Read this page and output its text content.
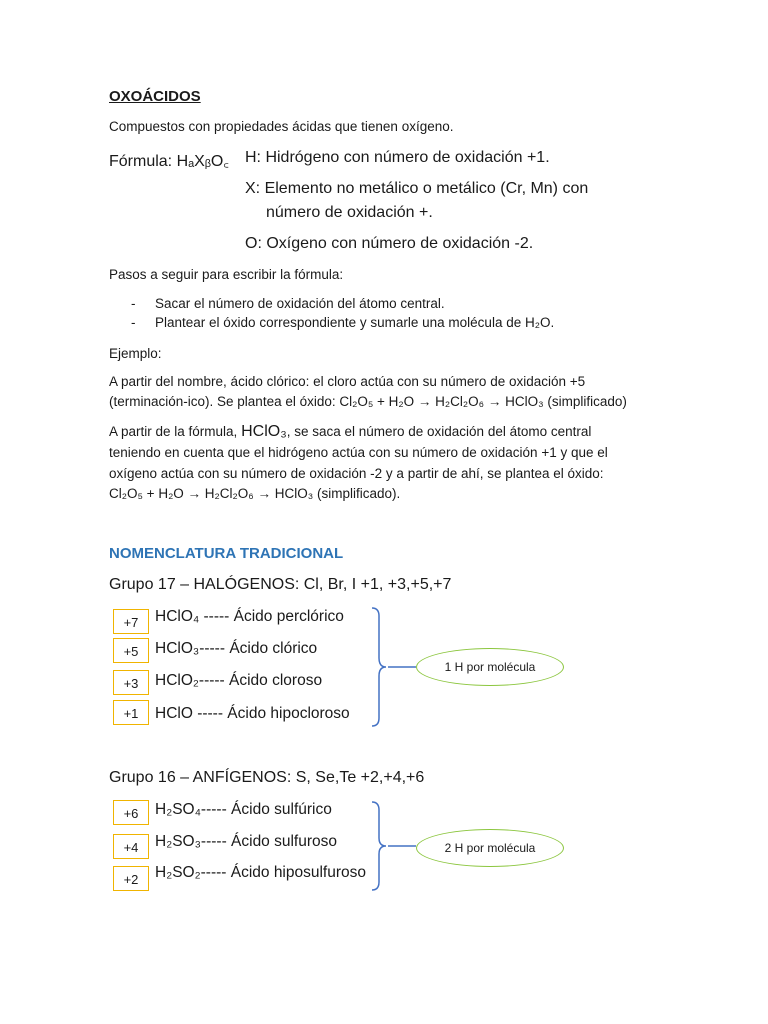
OXOÁCIDOS
Compuestos con propiedades ácidas que tienen oxígeno.
Fórmula: HₐXᵦO꜀ H: Hidrógeno con número de oxidación +1.
X: Elemento no metálico o metálico (Cr, Mn) con
número de oxidación +.
O: Oxígeno con número de oxidación -2.
Pasos a seguir para escribir la fórmula:
- Sacar el número de oxidación del átomo central.
- Plantear el óxido correspondiente y sumarle una molécula de H₂O.
Ejemplo:
A partir del nombre, ácido clórico: el cloro actúa con su número de oxidación +5
(terminación-ico). Se plantea el óxido: Cl₂O₅ + H₂O → H₂Cl₂O₆ → HClO₃ (simplificado)
A partir de la fórmula, HClO₃, se saca el número de oxidación del átomo central
teniendo en cuenta que el hidrógeno actúa con su número de oxidación +1 y que el
oxígeno actúa con su número de oxidación -2 y a partir de ahí, se plantea el óxido:
Cl₂O₅ + H₂O → H₂Cl₂O₆ → HClO₃ (simplificado).
NOMENCLATURA TRADICIONAL
Grupo 17 – HALÓGENOS: Cl, Br, I +1, +3,+5,+7
+7	HClO₄ ----- Ácido perclórico
+5	HClO₃----- Ácido clórico
+3	HClO₂----- Ácido cloroso
+1	HClO ----- Ácido hipocloroso
1 H por molécula
Grupo 16 – ANFÍGENOS: S, Se,Te +2,+4,+6
+6	H₂SO₄----- Ácido sulfúrico
+4	H₂SO₃----- Ácido sulfuroso
+2	H₂SO₂----- Ácido hiposulfuroso
2 H por molécula
